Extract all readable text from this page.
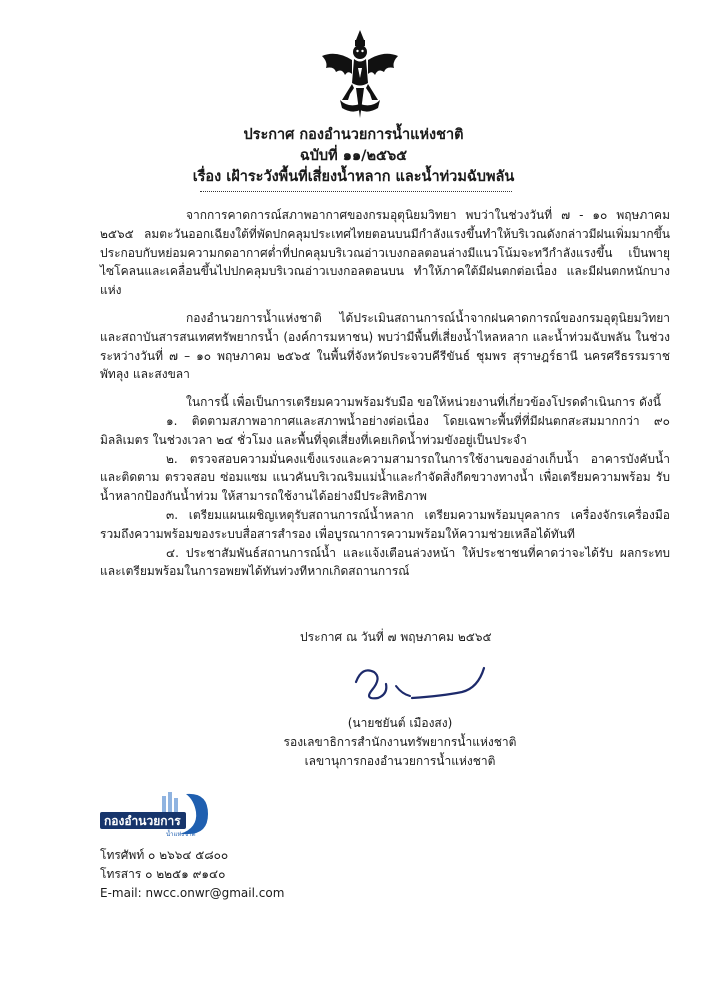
ประกาศ กองอำนวยการน้ำแห่งชาติ
ฉบับที่ ๑๑/๒๕๖๕
เรื่อง เฝ้าระวังพื้นที่เสี่ยงน้ำหลาก และน้ำท่วมฉับพลัน

จากการคาดการณ์สภาพอากาศของกรมอุตุนิยมวิทยา พบว่าในช่วงวันที่ ๗ - ๑๐ พฤษภาคม ๒๕๖๕ ลมตะวันออกเฉียงใต้ที่พัดปกคลุมประเทศไทยตอนบนมีกำลังแรงขึ้นทำให้บริเวณดังกล่าวมีฝนเพิ่มมากขึ้น ประกอบกับหย่อมความกดอากาศต่ำที่ปกคลุมบริเวณอ่าวเบงกอลตอนล่างมีแนวโน้มจะทวีกำลังแรงขึ้น เป็นพายุไซโคลนและเคลื่อนขึ้นไปปกคลุมบริเวณอ่าวเบงกอลตอนบน ทำให้ภาคใต้มีฝนตกต่อเนื่อง และมีฝนตกหนักบางแห่ง

กองอำนวยการน้ำแห่งชาติ ได้ประเมินสถานการณ์น้ำจากฝนคาดการณ์ของกรมอุตุนิยมวิทยา และสถาบันสารสนเทศทรัพยากรน้ำ (องค์การมหาชน) พบว่ามีพื้นที่เสี่ยงน้ำไหลหลาก และน้ำท่วมฉับพลัน ในช่วงระหว่างวันที่ ๗ – ๑๐ พฤษภาคม ๒๕๖๕ ในพื้นที่จังหวัดประจวบคีรีขันธ์ ชุมพร สุราษฎร์ธานี นครศรีธรรมราช พัทลุง และสงขลา

ในการนี้ เพื่อเป็นการเตรียมความพร้อมรับมือ ขอให้หน่วยงานที่เกี่ยวข้องโปรดดำเนินการ ดังนี้

๑. ติดตามสภาพอากาศและสภาพน้ำอย่างต่อเนื่อง โดยเฉพาะพื้นที่ที่มีฝนตกสะสมมากกว่า ๙๐ มิลลิเมตร ในช่วงเวลา ๒๔ ชั่วโมง และพื้นที่จุดเสี่ยงที่เคยเกิดน้ำท่วมขังอยู่เป็นประจำ

๒. ตรวจสอบความมั่นคงแข็งแรงและความสามารถในการใช้งานของอ่างเก็บน้ำ อาคารบังคับน้ำ และติดตาม ตรวจสอบ ซ่อมแซม แนวคันบริเวณริมแม่น้ำและกำจัดสิ่งกีดขวางทางน้ำ เพื่อเตรียมความพร้อม รับน้ำหลากป้องกันน้ำท่วม ให้สามารถใช้งานได้อย่างมีประสิทธิภาพ

๓. เตรียมแผนเผชิญเหตุรับสถานการณ์น้ำหลาก เตรียมความพร้อมบุคลากร เครื่องจักรเครื่องมือ รวมถึงความพร้อมของระบบสื่อสารสำรอง เพื่อบูรณาการความพร้อมให้ความช่วยเหลือได้ทันที

๔. ประชาสัมพันธ์สถานการณ์น้ำ และแจ้งเตือนล่วงหน้า ให้ประชาชนที่คาดว่าจะได้รับ ผลกระทบ และเตรียมพร้อมในการอพยพได้ทันท่วงทีหากเกิดสถานการณ์

ประกาศ ณ วันที่ ๗ พฤษภาคม ๒๕๖๕
(นายชยันต์ เมืองสง)
รองเลขาธิการสำนักงานทรัพยากรน้ำแห่งชาติ
เลขานุการกองอำนวยการน้ำแห่งชาติ
กองอำนวยการ
น้ำแห่งชาติ
โทรศัพท์ ๐ ๒๖๖๔ ๕๘๐๐
โทรสาร ๐ ๒๒๕๑ ๙๑๔๐
E-mail: nwcc.onwr@gmail.com
